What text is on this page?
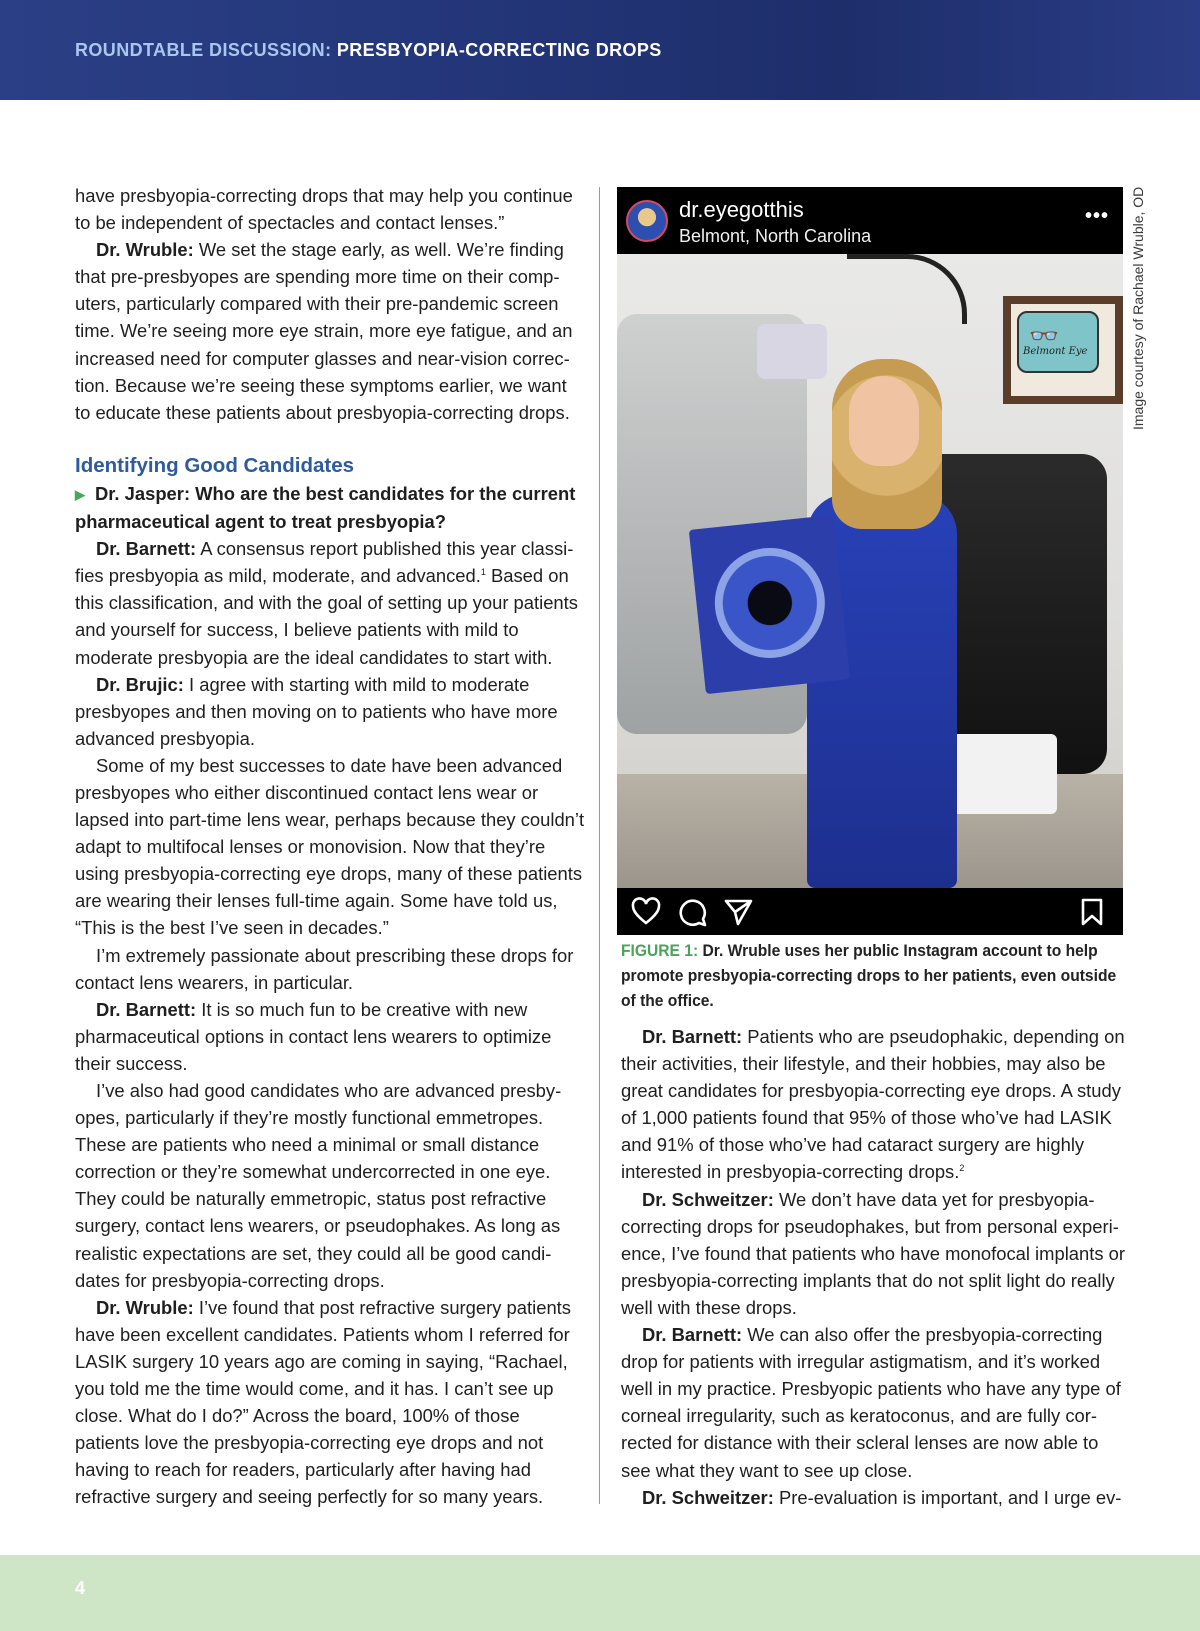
ROUNDTABLE DISCUSSION: PRESBYOPIA-CORRECTING DROPS

have presbyopia-correcting drops that may help you continue to be independent of spectacles and contact lenses.”

Dr. Wruble: We set the stage early, as well. We’re finding that pre-presbyopes are spending more time on their computers, particularly compared with their pre-pandemic screen time. We’re seeing more eye strain, more eye fatigue, and an increased need for computer glasses and near-vision correction. Because we’re seeing these symptoms earlier, we want to educate these patients about presbyopia-correcting drops.

Identifying Good Candidates

▶ Dr. Jasper: Who are the best candidates for the current pharmaceutical agent to treat presbyopia?

Dr. Barnett: A consensus report published this year classifies presbyopia as mild, moderate, and advanced.$^1$ Based on this classification, and with the goal of setting up your patients and yourself for success, I believe patients with mild to moderate presbyopia are the ideal candidates to start with.

Dr. Brujic: I agree with starting with mild to moderate presbyopes and then moving on to patients who have more advanced presbyopia.

Some of my best successes to date have been advanced presbyopes who either discontinued contact lens wear or lapsed into part-time lens wear, perhaps because they couldn’t adapt to multifocal lenses or monovision. Now that they’re using presbyopia-correcting eye drops, many of these patients are wearing their lenses full-time again. Some have told us, “This is the best I’ve seen in decades.”

I’m extremely passionate about prescribing these drops for contact lens wearers, in particular.

Dr. Barnett: It is so much fun to be creative with new pharmaceutical options in contact lens wearers to optimize their success.

I’ve also had good candidates who are advanced presbyopes, particularly if they’re mostly functional emmetropes. These are patients who need a minimal or small distance correction or they’re somewhat undercorrected in one eye. They could be naturally emmetropic, status post refractive surgery, contact lens wearers, or pseudophakes. As long as realistic expectations are set, they could all be good candidates for presbyopia-correcting drops.

Dr. Wruble: I’ve found that post refractive surgery patients have been excellent candidates. Patients whom I referred for LASIK surgery 10 years ago are coming in saying, “Rachael, you told me the time would come, and it has. I can’t see up close. What do I do?” Across the board, 100% of those patients love the presbyopia-correcting eye drops and not having to reach for readers, particularly after having had refractive surgery and seeing perfectly for so many years.

dr.eyegotthis
Belmont, North Carolina
•••
👓
Belmont Eye	Image courtesy of Rachael Wruble, OD
FIGURE 1: Dr. Wruble uses her public Instagram account to help promote presbyopia-correcting drops to her patients, even outside of the office.

Dr. Barnett: Patients who are pseudophakic, depending on their activities, their lifestyle, and their hobbies, may also be great candidates for presbyopia-correcting eye drops. A study of 1,000 patients found that 95% of those who’ve had LASIK and 91% of those who’ve had cataract surgery are highly interested in presbyopia-correcting drops.$^2$

Dr. Schweitzer: We don’t have data yet for presbyopia-correcting drops for pseudophakes, but from personal experience, I’ve found that patients who have monofocal implants or presbyopia-correcting implants that do not split light do really well with these drops.

Dr. Barnett: We can also offer the presbyopia-correcting drop for patients with irregular astigmatism, and it’s worked well in my practice. Presbyopic patients who have any type of corneal irregularity, such as keratoconus, and are fully corrected for distance with their scleral lenses are now able to see what they want to see up close.

Dr. Schweitzer: Pre-evaluation is important, and I urge ev-

4
